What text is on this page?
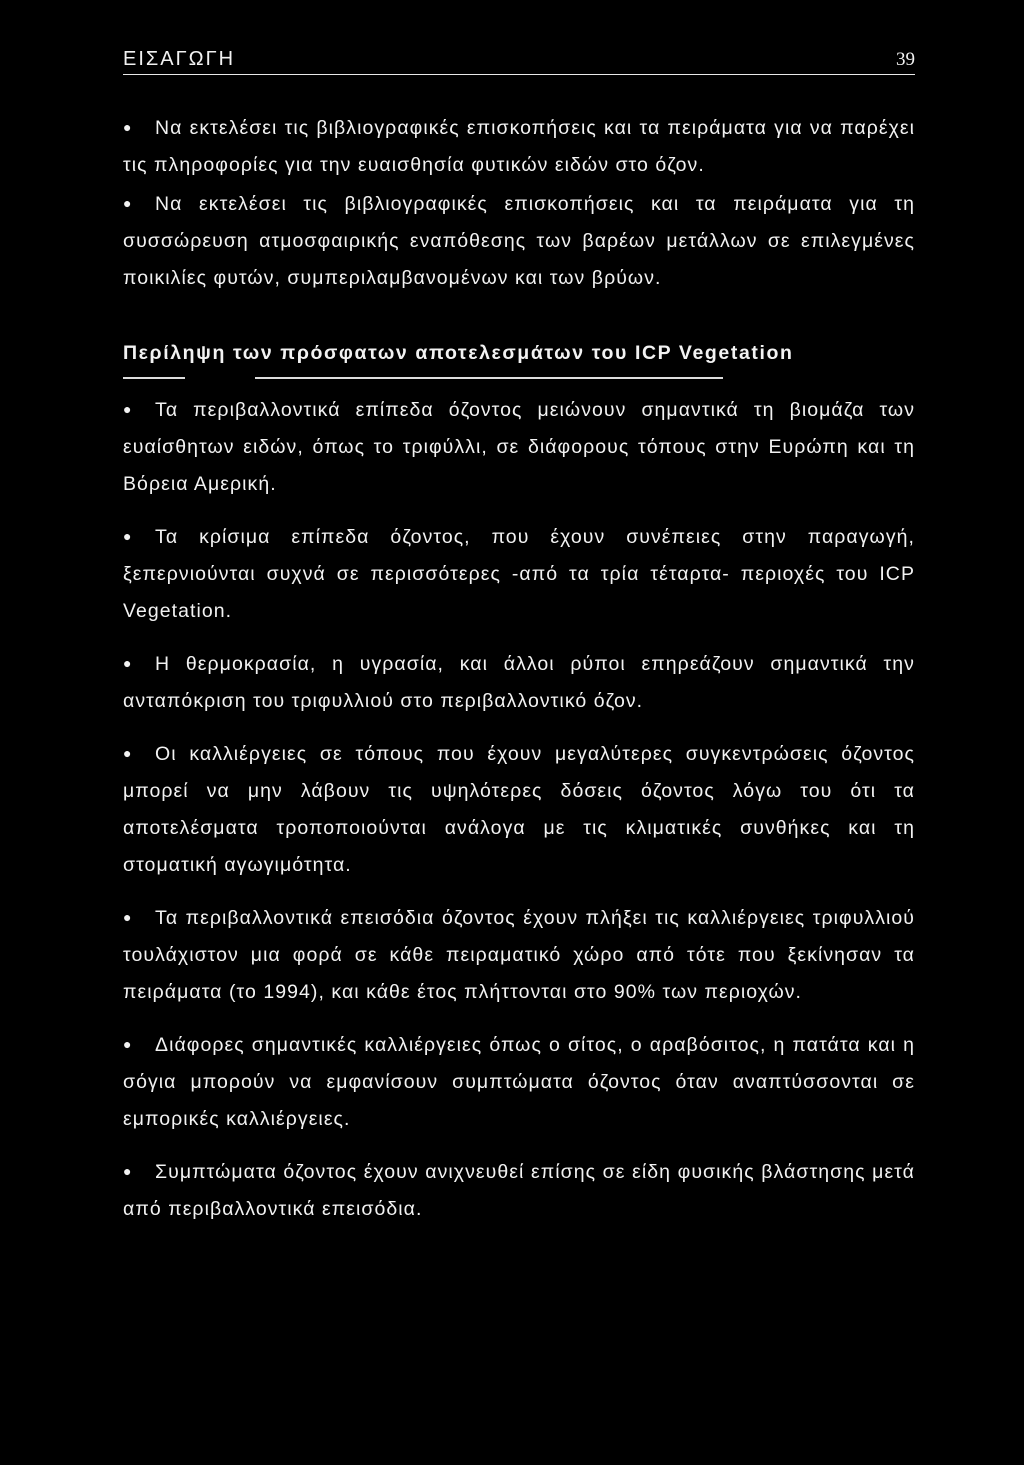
ΕΙΣΑΓΩΓΗ	39

● Να εκτελέσει τις βιβλιογραφικές επισκοπήσεις και τα πειράματα για να παρέχει τις πληροφορίες για την ευαισθησία φυτικών ειδών στο όζον.

● Να εκτελέσει τις βιβλιογραφικές επισκοπήσεις και τα πειράματα για τη συσσώρευση ατμοσφαιρικής εναπόθεσης των βαρέων μετάλλων σε επιλεγμένες ποικιλίες φυτών, συμπεριλαμβανομένων και των βρύων.

Περίληψη των πρόσφατων αποτελεσμάτων του ICP Vegetation

● Τα περιβαλλοντικά επίπεδα όζοντος μειώνουν σημαντικά τη βιομάζα των ευαίσθητων ειδών, όπως το τριφύλλι, σε διάφορους τόπους στην Ευρώπη και τη Βόρεια Αμερική.

● Τα κρίσιμα επίπεδα όζοντος, που έχουν συνέπειες στην παραγωγή, ξεπερνιούνται συχνά σε περισσότερες -από τα τρία τέταρτα- περιοχές του ICP Vegetation.

● Η θερμοκρασία, η υγρασία, και άλλοι ρύποι επηρεάζουν σημαντικά την ανταπόκριση του τριφυλλιού στο περιβαλλοντικό όζον.

● Οι καλλιέργειες σε τόπους που έχουν μεγαλύτερες συγκεντρώσεις όζοντος μπορεί να μην λάβουν τις υψηλότερες δόσεις όζοντος λόγω του ότι τα αποτελέσματα τροποποιούνται ανάλογα με τις κλιματικές συνθήκες και τη στοματική αγωγιμότητα.

● Τα περιβαλλοντικά επεισόδια όζοντος έχουν πλήξει τις καλλιέργειες τριφυλλιού τουλάχιστον μια φορά σε κάθε πειραματικό χώρο από τότε που ξεκίνησαν τα πειράματα (το 1994), και κάθε έτος πλήττονται στο 90% των περιοχών.

● Διάφορες σημαντικές καλλιέργειες όπως ο σίτος, ο αραβόσιτος, η πατάτα και η σόγια μπορούν να εμφανίσουν συμπτώματα όζοντος όταν αναπτύσσονται σε εμπορικές καλλιέργειες.

● Συμπτώματα όζοντος έχουν ανιχνευθεί επίσης σε είδη φυσικής βλάστησης μετά από περιβαλλοντικά επεισόδια.
